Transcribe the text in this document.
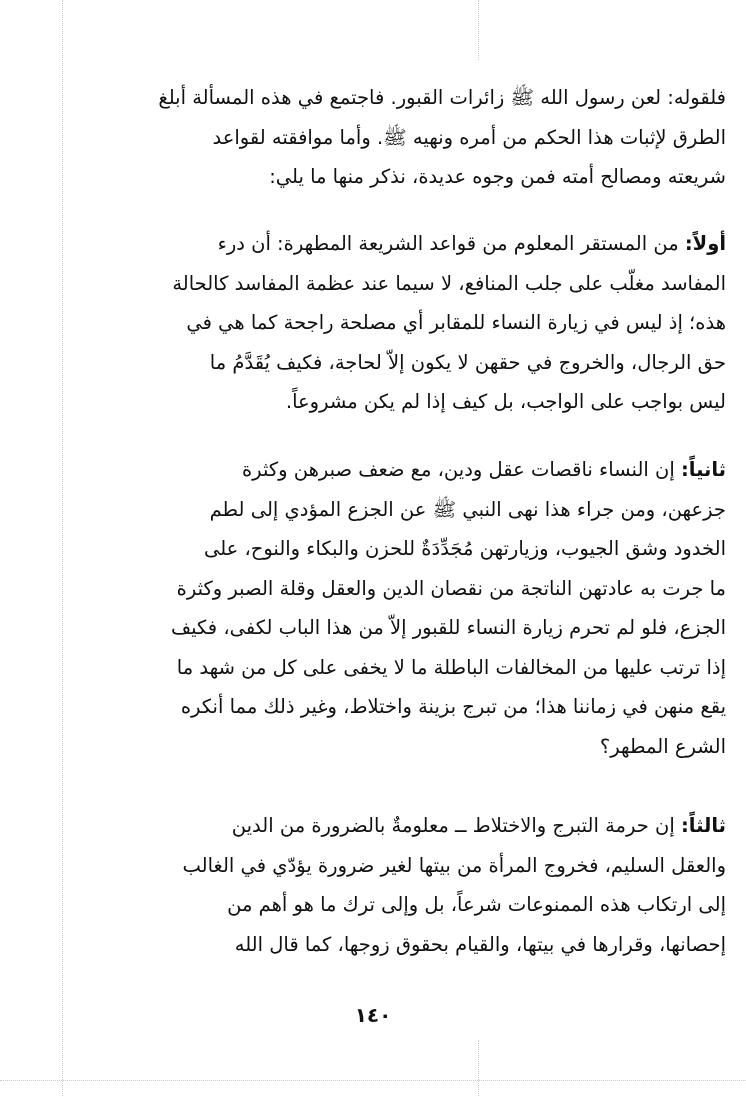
فلقوله: لعن رسول الله ﷺ زائرات القبور. فاجتمع في هذه المسألة أبلغ
الطرق لإثبات هذا الحكم من أمره ونهيه ﷺ. وأما موافقته لقواعد
شريعته ومصالح أمته فمن وجوه عديدة، نذكر منها ما يلي:
أولاً: من المستقر المعلوم من قواعد الشريعة المطهرة: أن درء
المفاسد مغلّب على جلب المنافع، لا سيما عند عظمة المفاسد كالحالة
هذه؛ إذ ليس في زيارة النساء للمقابر أي مصلحة راجحة كما هي في
حق الرجال، والخروج في حقهن لا يكون إلاّ لحاجة، فكيف يُقَدَّمُ ما
ليس بواجب على الواجب، بل كيف إذا لم يكن مشروعاً.
ثانياً: إن النساء ناقصات عقل ودين، مع ضعف صبرهن وكثرة
جزعهن، ومن جراء هذا نهى النبي ﷺ عن الجزع المؤدي إلى لطم
الخدود وشق الجيوب، وزيارتهن مُجَدِّدَةٌ للحزن والبكاء والنوح، على
ما جرت به عادتهن الناتجة من نقصان الدين والعقل وقلة الصبر وكثرة
الجزع، فلو لم تحرم زيارة النساء للقبور إلاّ من هذا الباب لكفى، فكيف
إذا ترتب عليها من المخالفات الباطلة ما لا يخفى على كل من شهد ما
يقع منهن في زماننا هذا؛ من تبرج بزينة واختلاط، وغير ذلك مما أنكره
الشرع المطهر؟
ثالثاً: إن حرمة التبرج والاختلاط ــ معلومةٌ بالضرورة من الدين
والعقل السليم، فخروج المرأة من بيتها لغير ضرورة يؤدّي في الغالب
إلى ارتكاب هذه الممنوعات شرعاً، بل وإلى ترك ما هو أهم من
إحصانها، وقرارها في بيتها، والقيام بحقوق زوجها، كما قال الله
١٤٠
